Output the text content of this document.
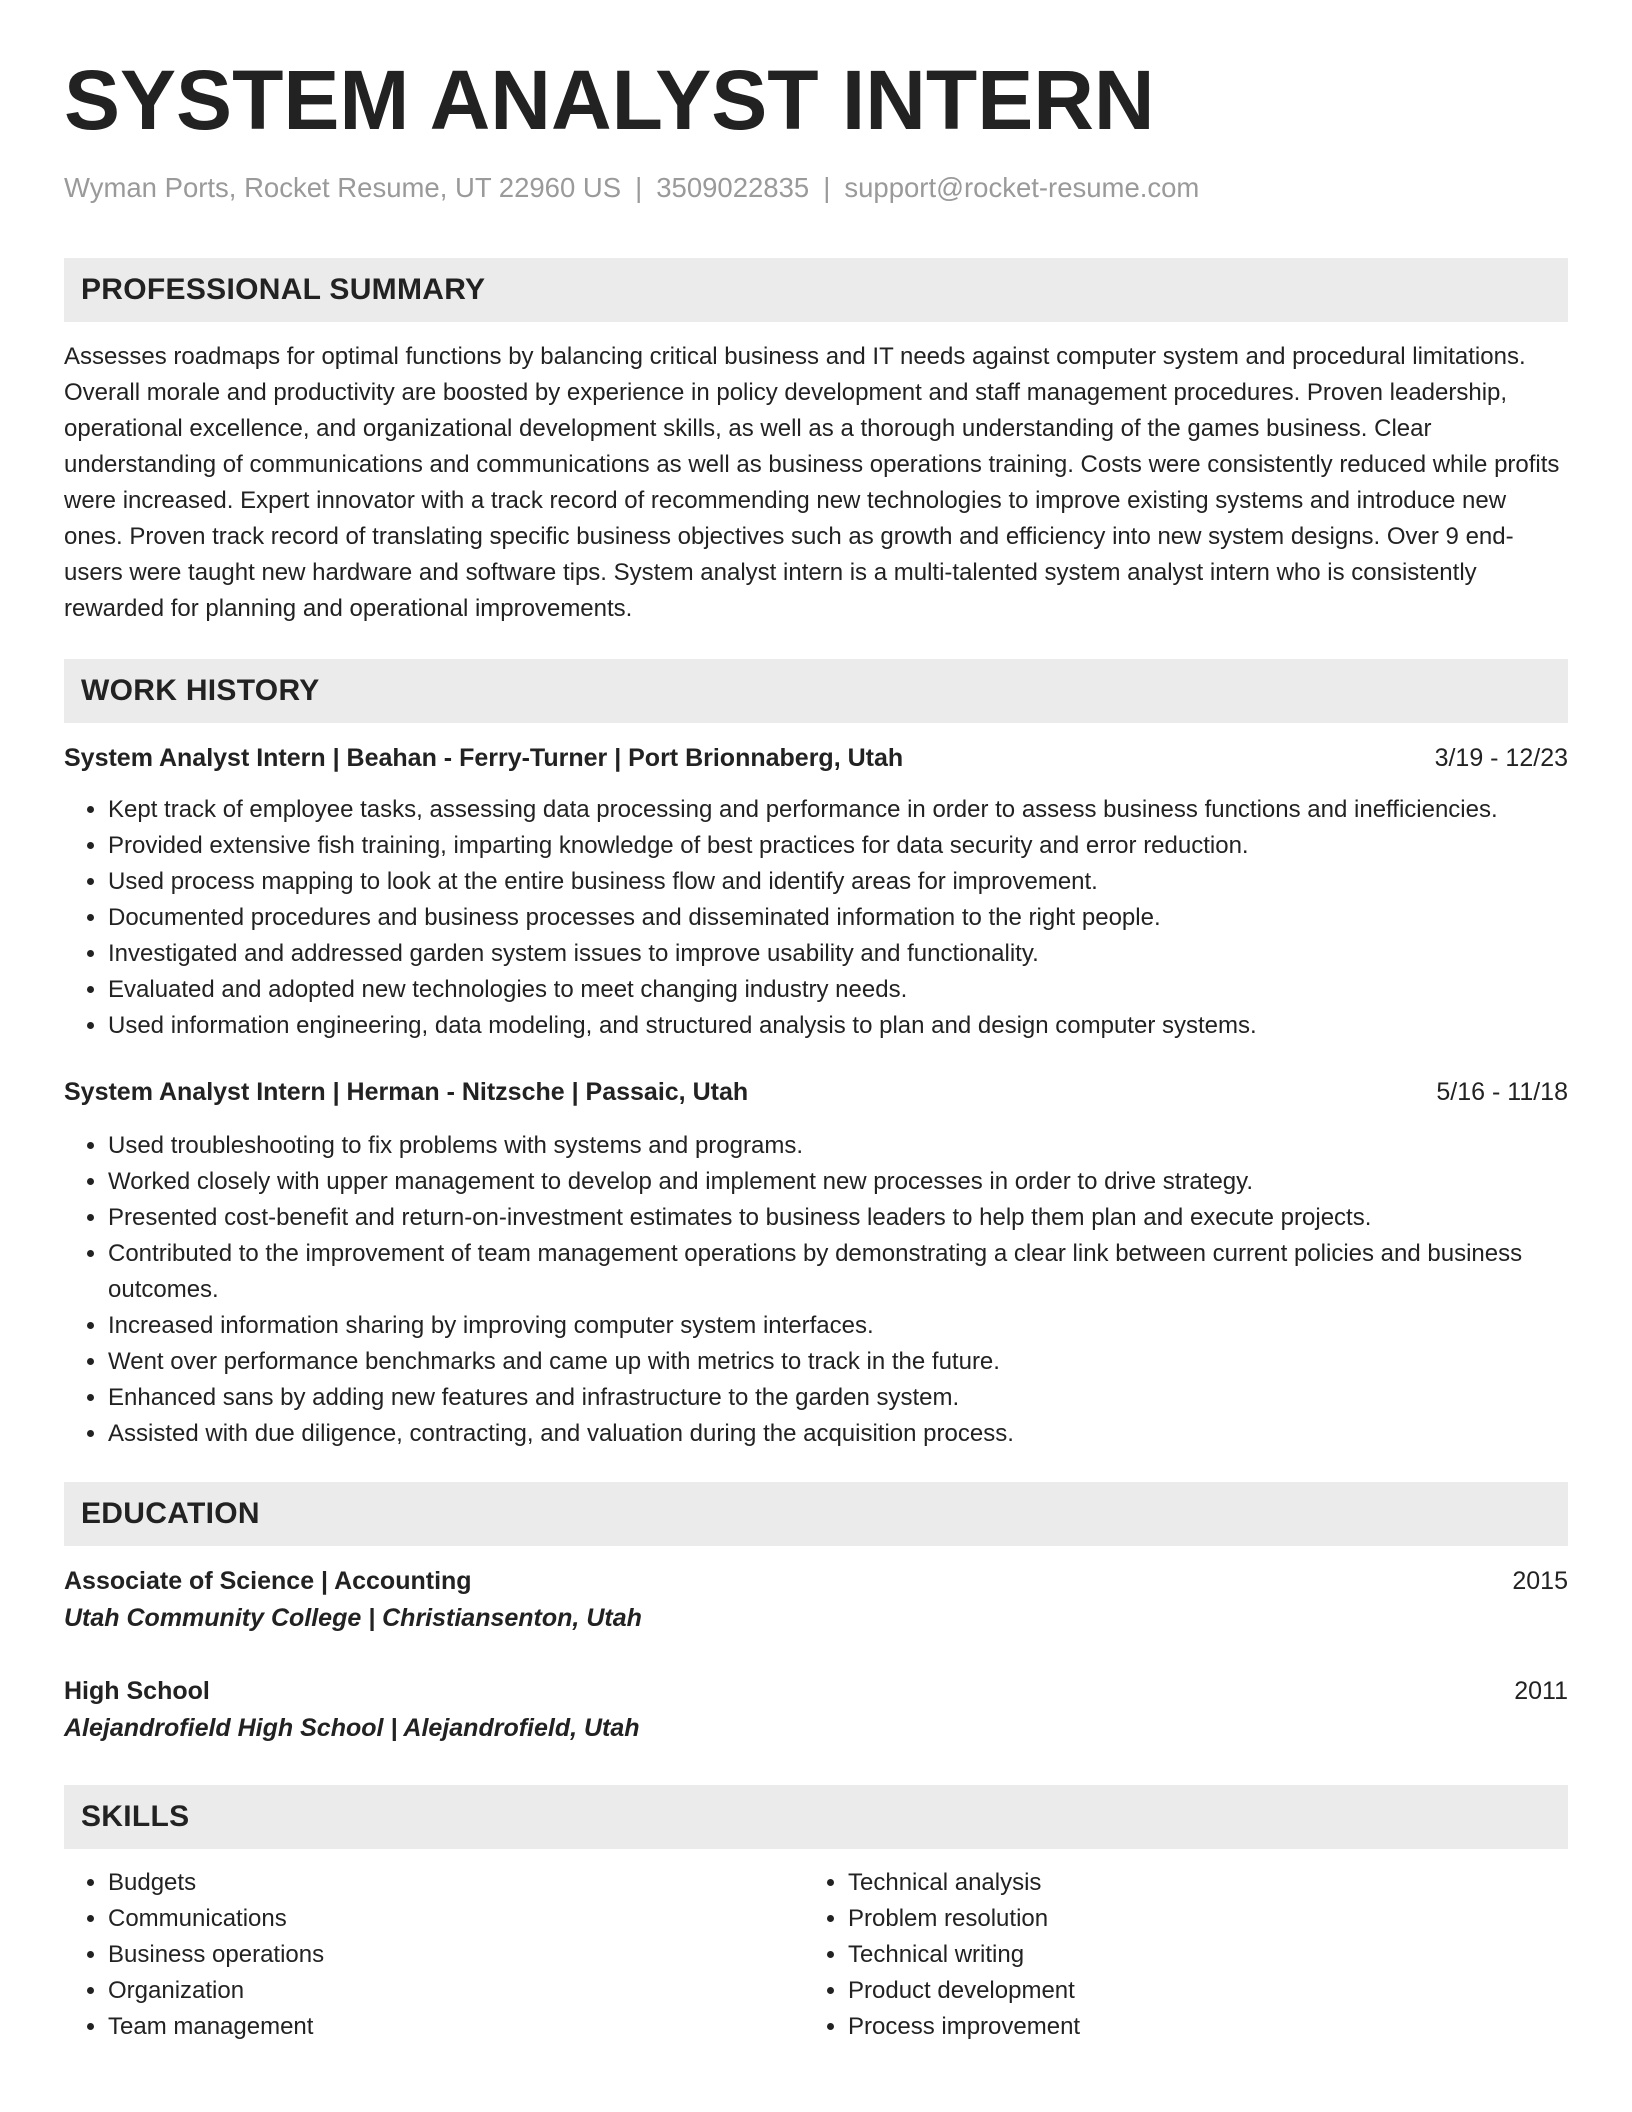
SYSTEM ANALYST INTERN
Wyman Ports, Rocket Resume, UT 22960 US | 3509022835 | support@rocket-resume.com
PROFESSIONAL SUMMARY
Assesses roadmaps for optimal functions by balancing critical business and IT needs against computer system and procedural limitations. Overall morale and productivity are boosted by experience in policy development and staff management procedures. Proven leadership, operational excellence, and organizational development skills, as well as a thorough understanding of the games business. Clear understanding of communications and communications as well as business operations training. Costs were consistently reduced while profits were increased. Expert innovator with a track record of recommending new technologies to improve existing systems and introduce new ones. Proven track record of translating specific business objectives such as growth and efficiency into new system designs. Over 9 end-users were taught new hardware and software tips. System analyst intern is a multi-talented system analyst intern who is consistently rewarded for planning and operational improvements.
WORK HISTORY
System Analyst Intern | Beahan - Ferry-Turner | Port Brionnaberg, Utah	3/19 - 12/23
• Kept track of employee tasks, assessing data processing and performance in order to assess business functions and inefficiencies.
• Provided extensive fish training, imparting knowledge of best practices for data security and error reduction.
• Used process mapping to look at the entire business flow and identify areas for improvement.
• Documented procedures and business processes and disseminated information to the right people.
• Investigated and addressed garden system issues to improve usability and functionality.
• Evaluated and adopted new technologies to meet changing industry needs.
• Used information engineering, data modeling, and structured analysis to plan and design computer systems.
System Analyst Intern | Herman - Nitzsche | Passaic, Utah	5/16 - 11/18
• Used troubleshooting to fix problems with systems and programs.
• Worked closely with upper management to develop and implement new processes in order to drive strategy.
• Presented cost-benefit and return-on-investment estimates to business leaders to help them plan and execute projects.
• Contributed to the improvement of team management operations by demonstrating a clear link between current policies and business outcomes.
• Increased information sharing by improving computer system interfaces.
• Went over performance benchmarks and came up with metrics to track in the future.
• Enhanced sans by adding new features and infrastructure to the garden system.
• Assisted with due diligence, contracting, and valuation during the acquisition process.
EDUCATION
Associate of Science | Accounting	2015
Utah Community College | Christiansenton, Utah
High School	2011
Alejandrofield High School | Alejandrofield, Utah
SKILLS
• Budgets
• Communications
• Business operations
• Organization
• Team management
• Technical analysis
• Problem resolution
• Technical writing
• Product development
• Process improvement
